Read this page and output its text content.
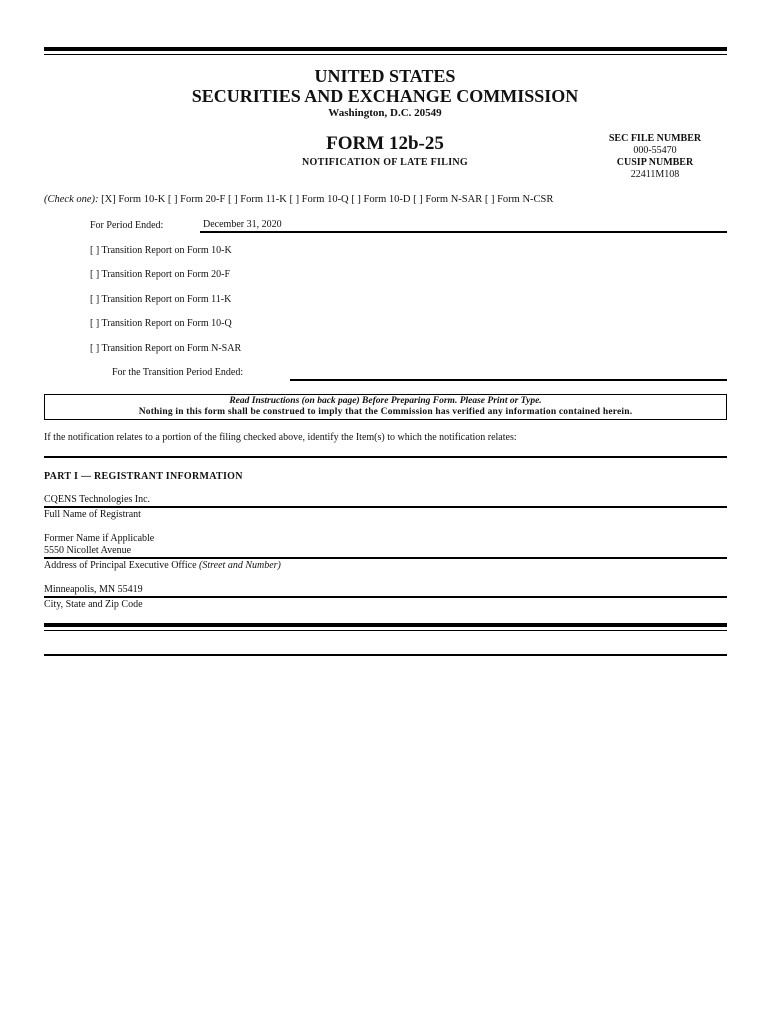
UNITED STATES
SECURITIES AND EXCHANGE COMMISSION
Washington, D.C. 20549
FORM 12b-25
NOTIFICATION OF LATE FILING
SEC FILE NUMBER
000-55470
CUSIP NUMBER
22411M108
(Check one): [X] Form 10-K [ ] Form 20-F [ ] Form 11-K [ ] Form 10-Q [ ] Form 10-D [ ] Form N-SAR [ ] Form N-CSR
For Period Ended:	December 31, 2020
[ ] Transition Report on Form 10-K
[ ] Transition Report on Form 20-F
[ ] Transition Report on Form 11-K
[ ] Transition Report on Form 10-Q
[ ] Transition Report on Form N-SAR
For the Transition Period Ended:
Read Instructions (on back page) Before Preparing Form. Please Print or Type.
Nothing in this form shall be construed to imply that the Commission has verified any information contained herein.
If the notification relates to a portion of the filing checked above, identify the Item(s) to which the notification relates:
PART I — REGISTRANT INFORMATION
CQENS Technologies Inc.
Full Name of Registrant
Former Name if Applicable
5550 Nicollet Avenue
Address of Principal Executive Office (Street and Number)
Minneapolis, MN 55419
City, State and Zip Code
